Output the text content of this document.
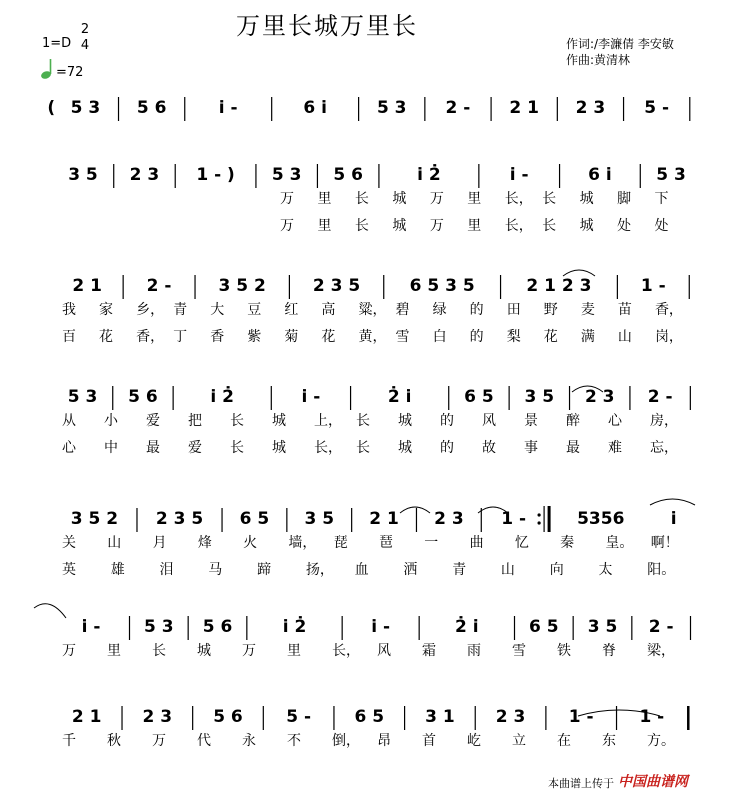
万里长城万里长
1=D
2
4
=72
作词:/李濂倩 李安敏
作曲:黄清林
( 5 3 5 6	i̇ -	6 i̇	5 3 2 - 2 1 2 3 5 -
3 5 2 3 1 - ) 5 3 5 6	i̇ 2̇	i̇ -	6 i̇	5 3
万 里 长 城 万 里 长， 长 城 脚 下
万 里 长 城 万 里 长， 长 城 处 处
2 1	2 -	3 5 2	2 3 5	6 5 3 5	2 1 2 3	1 -
我 家 乡， 青 大 豆 红 高 粱， 碧 绿 的 田 野 麦 苗 香，
百 花 香， 丁 香 紫 菊 花 黄， 雪 白 的 梨 花 满 山 岗，
5 3 5 6	i̇ 2̇	i̇ -	2̇ i̇	6 5 3 5 2 3 2 -
从 小 爱 把 长 城 上， 长 城 的 风 景 醉 心 房，
心 中 最 爱 长 城 长， 长 城 的 故 事 最 难 忘，
3 5 2 2 3 5 6 5 3 5 2 1 2 3 1 -	5356	i̇
关 山 月 烽 火 墙， 琵 琶 一 曲 忆 秦 皇。 啊！
英 雄 泪 马 蹄 扬， 血 洒 青 山 向 太 阳。
i̇ -	5 3 5 6	i̇ 2̇	i̇ -	2̇ i̇	6 5 3 5 2 -
万 里 长 城 万 里 长， 风 霜 雨 雪 铁 脊 梁，
2 1 2 3 5 6	5 -	6 5 3 1 2 3	1 -	1 -
千 秋 万 代 永 不 倒， 昂 首 屹 立 在 东 方。
本曲谱上传于 中国曲谱网
